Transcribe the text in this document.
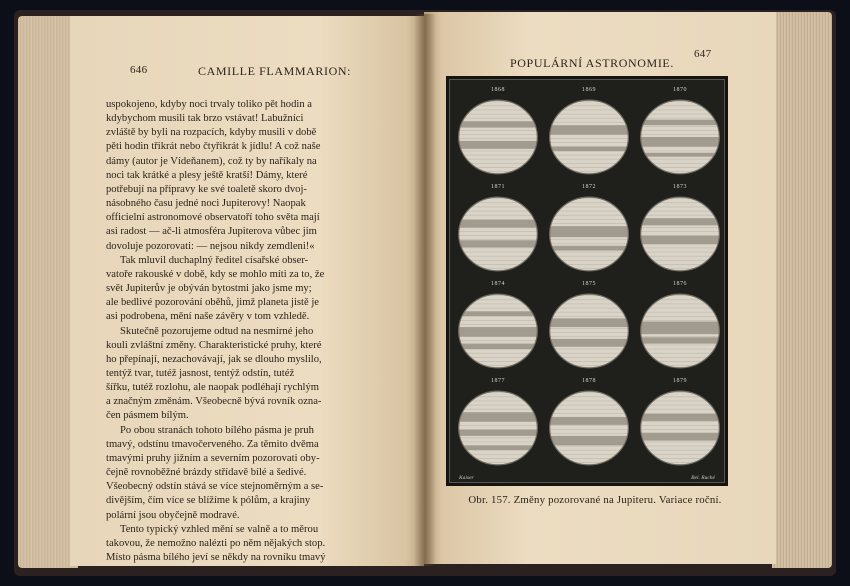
646	CAMILLE FLAMMARION:
uspokojeno, kdyby noci trvaly toliko pět hodin a
kdybychom musili tak brzo vstávat! Labužníci
zvláště by byli na rozpacích, kdyby musili v době
pěti hodin třikrát nebo čtyřikrát k jídlu! A což naše
dámy (autor je Vídeňanem), což ty by naříkaly na
noci tak krátké a plesy ještě kratší! Dámy, které
potřebují na přípravy ke své toaletě skoro dvoj-
násobného času jedné noci Jupiterovy! Naopak
officielní astronomové observatoří toho světa mají
asi radost — ač-li atmosféra Jupiterova vůbec jim
dovoluje pozorovati: — nejsou nikdy zemdleni!«
Tak mluvil duchaplný ředitel císařské obser-
vatoře rakouské v době, kdy se mohlo míti za to, že
svět Jupiterův je obýván bytostmi jako jsme my;
ale bedlivé pozorování oběhů, jimž planeta jistě je
asi podrobena, mění naše závěry v tom vzhledě.
Skutečně pozorujeme odtud na nesmírné jeho
kouli zvláštní změny. Charakteristické pruhy, které
ho přepínají, nezachovávají, jak se dlouho myslilo,
tentýž tvar, tutéž jasnost, tentýž odstín, tutéž
šířku, tutéž rozlohu, ale naopak podléhají rychlým
a značným změnám. Všeobecně bývá rovník ozna-
čen pásmem bílým.
Po obou stranách tohoto bílého pásma je pruh
tmavý, odstínu tmavočerveného. Za těmito dvěma
tmavými pruhy jižním a severním pozorovati oby-
čejně rovnoběžné brázdy střídavě bílé a šedivé.
Všeobecný odstín stává se více stejnoměrným a se-
divějším, čím více se blížíme k pólům, a krajiny
polární jsou obyčejně modravé.
Tento typický vzhled mění se valně a to měrou
takovou, že nemožno nalézti po něm nějakých stop.
Místo pásma bílého jeví se někdy na rovníku tmavý
POPULÁRNÍ ASTRONOMIE.
647
1868	1869	1870
1871	1872	1873
1874	1875	1876
1877	1878	1879
Kaiser	Bel. Ruché
Obr. 157. Změny pozorované na Jupiteru. Variace roční.
